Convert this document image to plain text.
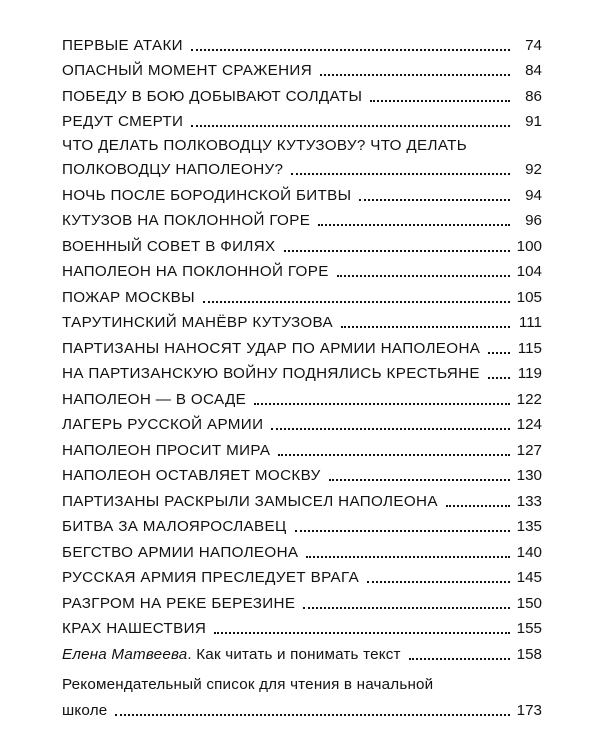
ПЕРВЫЕ АТАКИ	74
ОПАСНЫЙ МОМЕНТ СРАЖЕНИЯ	84
ПОБЕДУ В БОЮ ДОБЫВАЮТ СОЛДАТЫ	86
РЕДУТ СМЕРТИ	91
ЧТО ДЕЛАТЬ ПОЛКОВОДЦУ КУТУЗОВУ? ЧТО ДЕЛАТЬ
ПОЛКОВОДЦУ НАПОЛЕОНУ?	92
НОЧЬ ПОСЛЕ БОРОДИНСКОЙ БИТВЫ	94
КУТУЗОВ НА ПОКЛОННОЙ ГОРЕ	96
ВОЕННЫЙ СОВЕТ В ФИЛЯХ	100
НАПОЛЕОН НА ПОКЛОННОЙ ГОРЕ	104
ПОЖАР МОСКВЫ	105
ТАРУТИНСКИЙ МАНЁВР КУТУЗОВА	111
ПАРТИЗАНЫ НАНОСЯТ УДАР ПО АРМИИ НАПОЛЕОНА 115
НА ПАРТИЗАНСКУЮ ВОЙНУ ПОДНЯЛИСЬ КРЕСТЬЯНЕ 119
НАПОЛЕОН — В ОСАДЕ	122
ЛАГЕРЬ РУССКОЙ АРМИИ	124
НАПОЛЕОН ПРОСИТ МИРА	127
НАПОЛЕОН ОСТАВЛЯЕТ МОСКВУ	130
ПАРТИЗАНЫ РАСКРЫЛИ ЗАМЫСЕЛ НАПОЛЕОНА	133
БИТВА ЗА МАЛОЯРОСЛАВЕЦ	135
БЕГСТВО АРМИИ НАПОЛЕОНА	140
РУССКАЯ АРМИЯ ПРЕСЛЕДУЕТ ВРАГА	145
РАЗГРОМ НА РЕКЕ БЕРЕЗИНЕ	150
КРАХ НАШЕСТВИЯ	155
Елена Матвеева. Как читать и понимать текст	158
Рекомендательный список для чтения в начальной
школе	173
